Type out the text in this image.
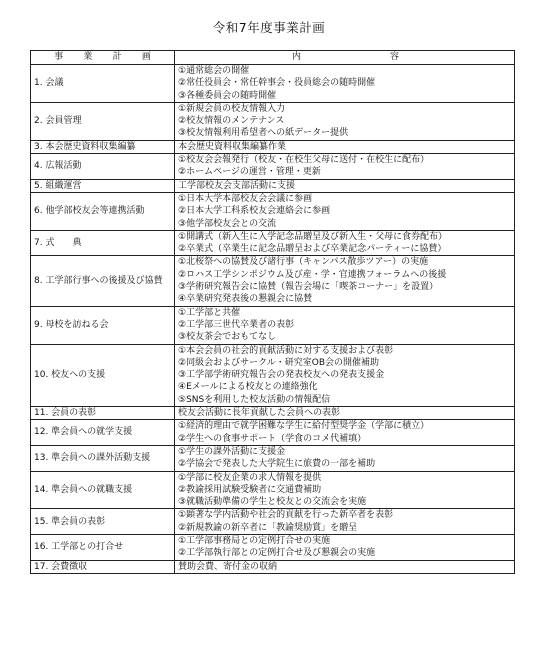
令和7年度事業計画
事 業 計 画	内 容

1. 会議	①通常総会の開催
②常任役員会・常任幹事会・役員総会の随時開催
③各種委員会の随時開催

2. 会員管理	①新規会員の校友情報入力
②校友情報のメンテナンス
③校友情報利用希望者への紙データー提供

3. 本会歴史資料収集編纂	本会歴史資料収集編纂作業

4. 広報活動	①校友会会報発行（校友・在校生父母に送付・在校生に配布）
②ホームページの運営・管理・更新

5. 組織運営	工学部校友会支部活動に支援

6. 他学部校友会等連携活動	①日本大学本部校友会会議に参画
②日本大学工科系校友会連絡会に参画
③他学部校友会との交流

7. 式　　典	①開講式（新入生に入学記念品贈呈及び新入生・父母に食券配布）
②卒業式（卒業生に記念品贈呈および卒業記念パーティーに協賛）

8. 工学部行事への後援及び協賛	①北桜祭への協賛及び諸行事（キャンパス散歩ツアー）の実施
②ロハス工学シンポジウム及び産・学・官連携フォーラムへの後援
③学術研究報告会に協賛（報告会場に「喫茶コーナー」を設置）
④卒業研究発表後の懇親会に協賛

9. 母校を訪ねる会	①工学部と共催
②工学部三世代卒業者の表彰
③校友茶会でおもてなし

10. 校友への支援	①本会会員の社会的貢献活動に対する支援および表彰
②同級会およびサークル・研究室OB会の開催補助
③工学部学術研究報告会の発表校友への発表支援金
④Eメールによる校友との連絡強化
⑤SNSを利用した校友活動の情報配信

11. 会員の表彰	校友会活動に長年貢献した会員への表彰

12. 準会員への就学支援	①経済的理由で就学困難な学生に給付型奨学金（学部に積立）
②学生への食事サポート（学食のコメ代補填）

13. 準会員への課外活動支援	①学生の課外活動に支援金
②学協会で発表した大学院生に旅費の一部を補助

14. 準会員への就職支援	①学部に校友企業の求人情報を提供
②教諭採用試験受験者に交通費補助
③就職活動準備の学生と校友との交流会を実施

15. 準会員の表彰	①顕著な学内活動や社会的貢献を行った新卒者を表彰
②新規教諭の新卒者に「教諭奨励賞」を贈呈

16. 工学部との打合せ	①工学部事務局との定例打合せの実施
②工学部執行部との定例打合せ及び懇親会の実施

17. 会費徴収	賛助会費、寄付金の収納
